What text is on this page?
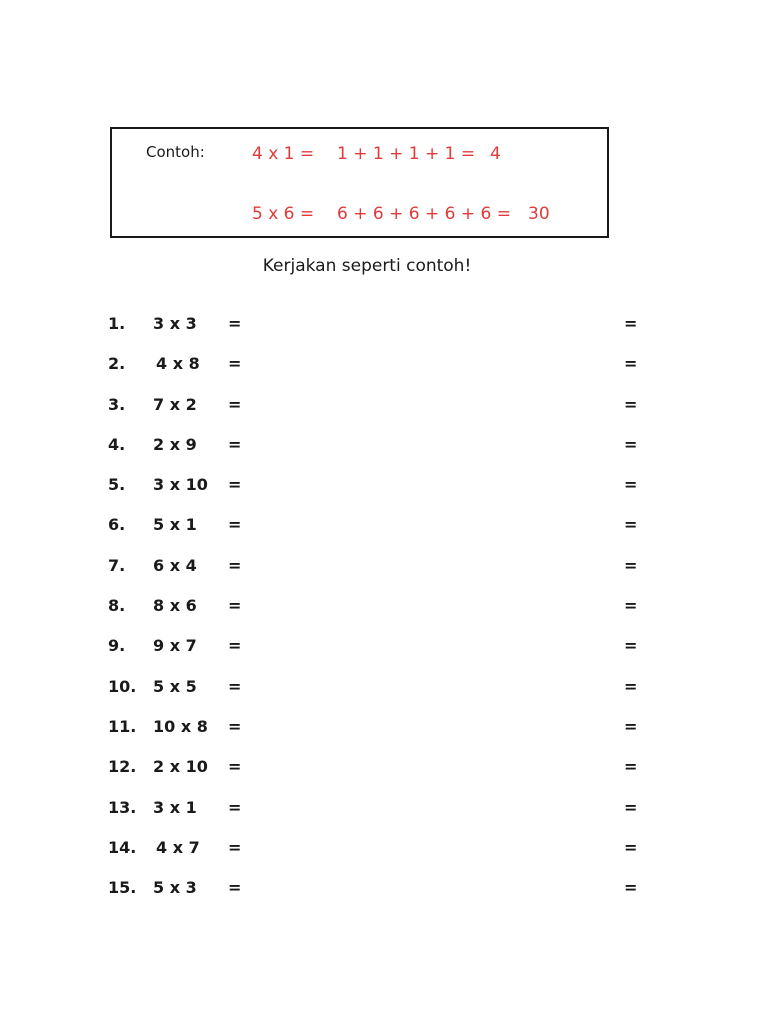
Contoh:	4 x 1 = 1 + 1 + 1 + 1 = 4
5 x 6 = 6 + 6 + 6 + 6 + 6 = 30
Kerjakan seperti contoh!
1. 3 x 3 =	=
2. 4 x 8 =	=
3. 7 x 2 =	=
4. 2 x 9 =	=
5. 3 x 10 =	=
6. 5 x 1 =	=
7. 6 x 4 =	=
8. 8 x 6 =	=
9. 9 x 7 =	=
10. 5 x 5 =	=
11. 10 x 8 =	=
12. 2 x 10 =	=
13. 3 x 1 =	=
14. 4 x 7 =	=
15. 5 x 3 =	=
